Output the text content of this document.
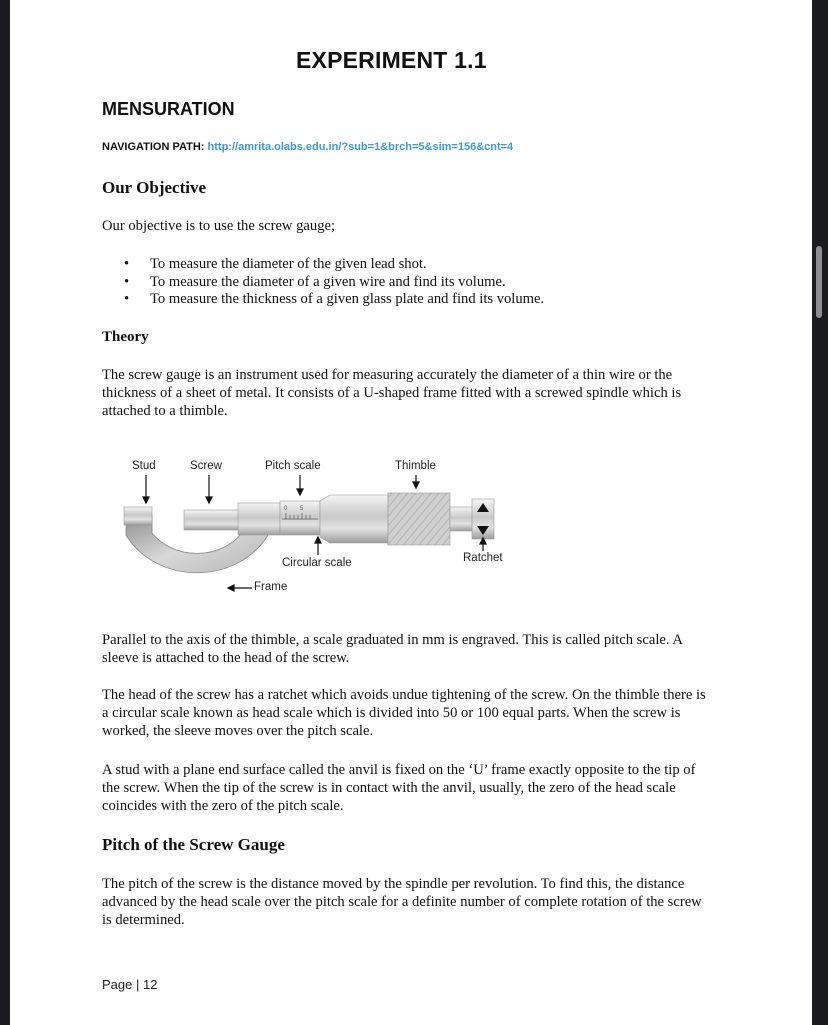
EXPERIMENT 1.1
MENSURATION
NAVIGATION PATH: http://amrita.olabs.edu.in/?sub=1&brch=5&sim=156&cnt=4
Our Objective
Our objective is to use the screw gauge;
• To measure the diameter of the given lead shot.
• To measure the diameter of a given wire and find its volume.
• To measure the thickness of a given glass plate and find its volume.
Theory
The screw gauge is an instrument used for measuring accurately the diameter of a thin wire or the thickness of a sheet of metal. It consists of a U-shaped frame fitted with a screwed spindle which is attached to a thimble.
0 5
Stud	Screw	Pitch scale	Thimble
Circular scale	Ratchet
Frame
Parallel to the axis of the thimble, a scale graduated in mm is engraved. This is called pitch scale. A sleeve is attached to the head of the screw.
The head of the screw has a ratchet which avoids undue tightening of the screw. On the thimble there is a circular scale known as head scale which is divided into 50 or 100 equal parts. When the screw is worked, the sleeve moves over the pitch scale.
A stud with a plane end surface called the anvil is fixed on the ‘U’ frame exactly opposite to the tip of the screw. When the tip of the screw is in contact with the anvil, usually, the zero of the head scale coincides with the zero of the pitch scale.
Pitch of the Screw Gauge
The pitch of the screw is the distance moved by the spindle per revolution. To find this, the distance advanced by the head scale over the pitch scale for a definite number of complete rotation of the screw is determined.
Page | 12
